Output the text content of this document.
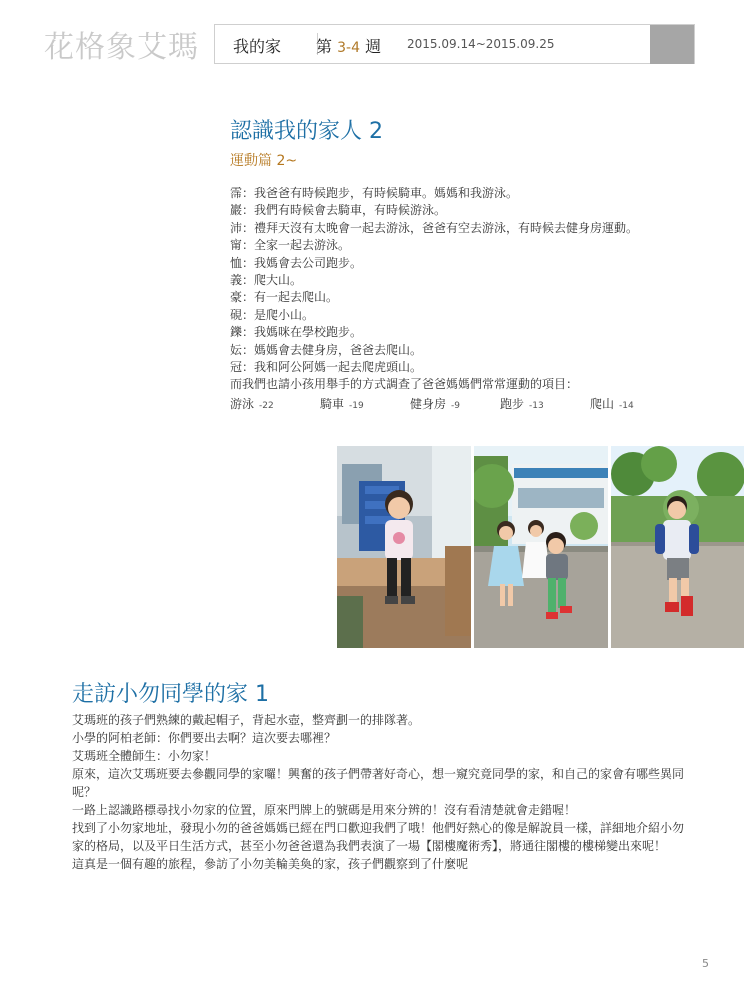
花格象艾瑪 我的家 第 3-4 週 2015.09.14~2015.09.25
認識我的家人 2
運動篇 2~
霈：我爸爸有時候跑步，有時候騎車。媽媽和我游泳。
巖：我們有時候會去騎車，有時候游泳。
沛：禮拜天沒有太晚會一起去游泳，爸爸有空去游泳，有時候去健身房運動。
甯：全家一起去游泳。
恤：我媽會去公司跑步。
義：爬大山。
豪：有一起去爬山。
硯：是爬小山。
鑠：我媽咪在學校跑步。
妘：媽媽會去健身房，爸爸去爬山。
冠：我和阿公阿媽一起去爬虎頭山。
而我們也請小孩用舉手的方式調查了爸爸媽媽們常常運動的項目：
游泳 -22	騎車 -19	健身房 -9	跑步 -13	爬山 -14
走訪小勿同學的家 1
艾瑪班的孩子們熟練的戴起帽子，背起水壺，整齊劃一的排隊著。
小學的阿柏老師：你們要出去啊？這次要去哪裡？
艾瑪班全體師生：小勿家！
原來，這次艾瑪班要去參觀同學的家囉！興奮的孩子們帶著好奇心，想一窺究竟同學的家，和自己的家會有哪些異同呢？
一路上認識路標尋找小勿家的位置，原來門牌上的號碼是用來分辨的！沒有看清楚就會走錯喔！
找到了小勿家地址，發現小勿的爸爸媽媽已經在門口歡迎我們了哦！他們好熱心的像是解說員一樣，詳細地介紹小勿家的格局，以及平日生活方式，甚至小勿爸爸還為我們表演了一場【閣樓魔術秀】，將通往閣樓的樓梯變出來呢！
這真是一個有趣的旅程，參訪了小勿美輪美奐的家，孩子們觀察到了什麼呢
5
